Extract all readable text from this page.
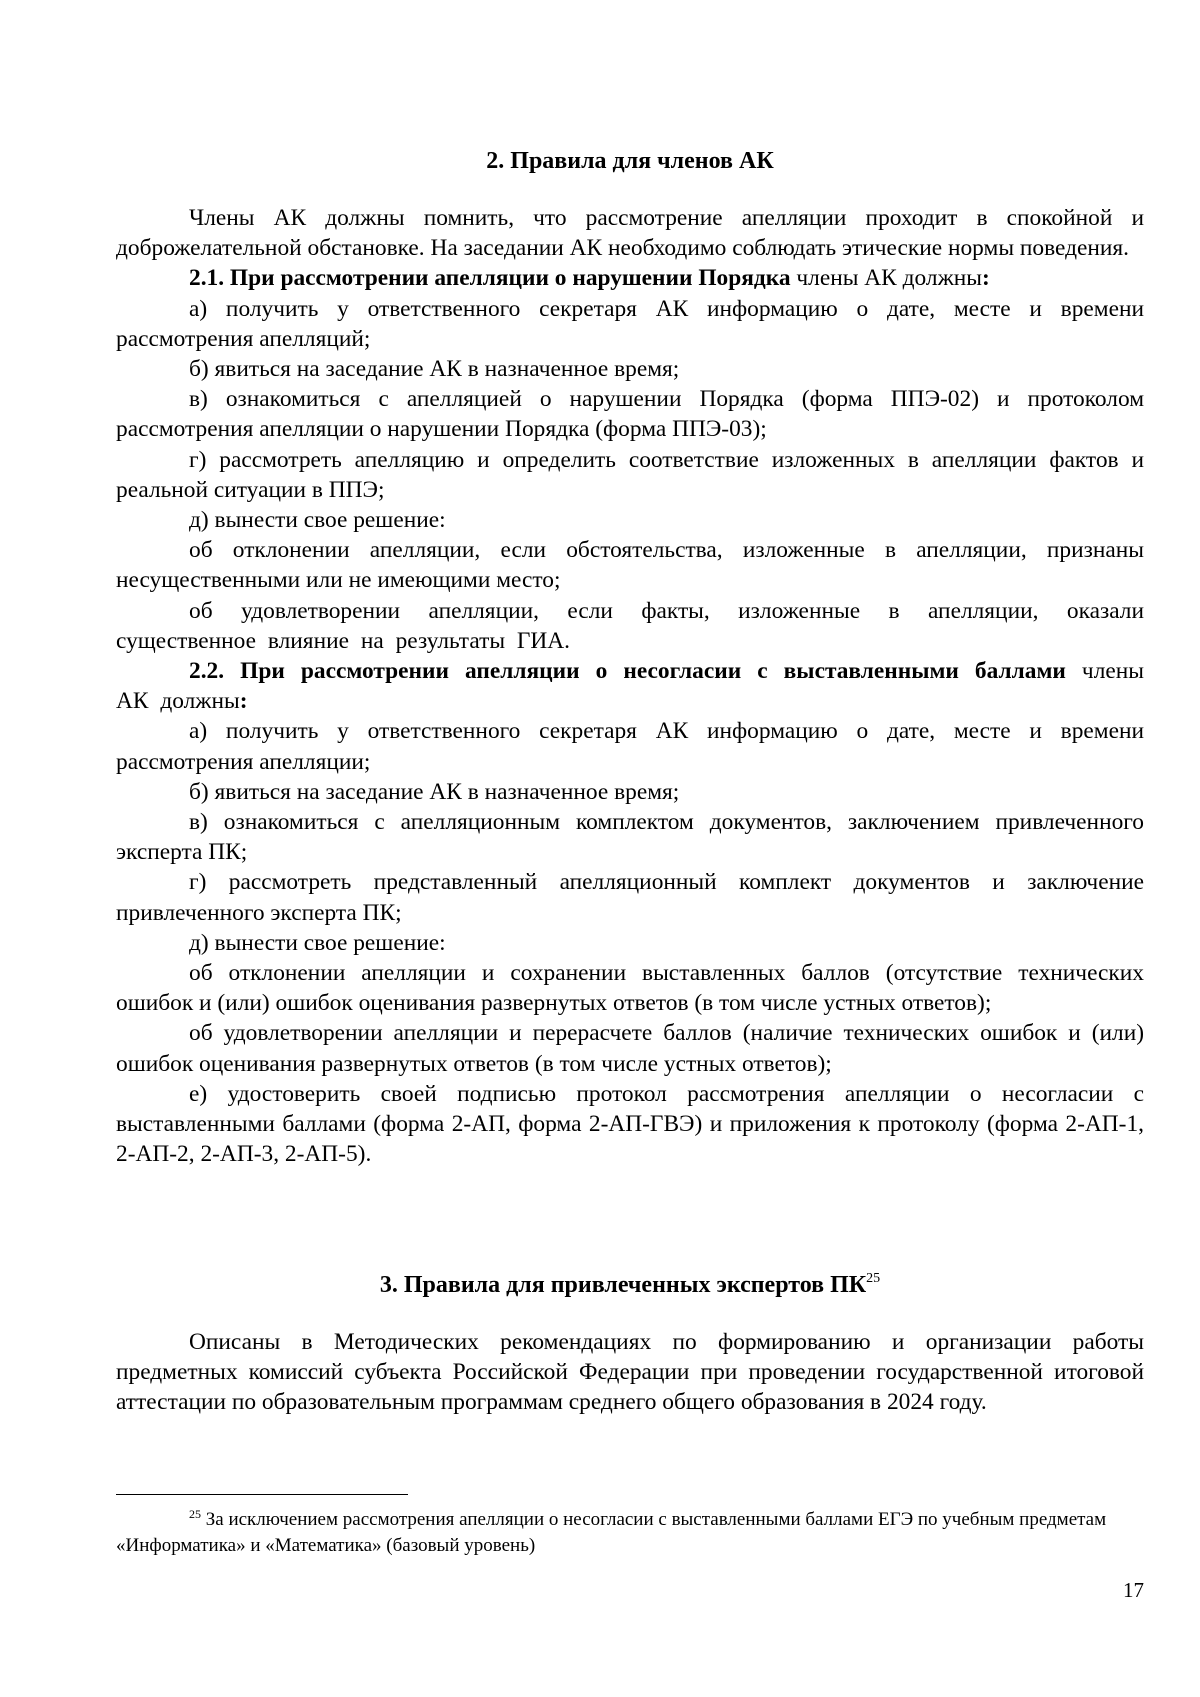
2. Правила для членов АК

Члены АК должны помнить, что рассмотрение апелляции проходит в спокойной и доброжелательной обстановке. На заседании АК необходимо соблюдать этические нормы поведения.

2.1. При рассмотрении апелляции о нарушении Порядка члены АК должны:

а) получить у ответственного секретаря АК информацию о дате, месте и времени рассмотрения апелляций;

б) явиться на заседание АК в назначенное время;

в) ознакомиться с апелляцией о нарушении Порядка (форма ППЭ-02) и протоколом рассмотрения апелляции о нарушении Порядка (форма ППЭ-03);

г) рассмотреть апелляцию и определить соответствие изложенных в апелляции фактов и реальной ситуации в ППЭ;

д) вынести свое решение:

об отклонении апелляции, если обстоятельства, изложенные в апелляции, признаны несущественными или не имеющими место;

об удовлетворении апелляции, если факты, изложенные в апелляции, оказали существенное влияние на результаты ГИА.

2.2. При рассмотрении апелляции о несогласии с выставленными баллами члены АК должны:

а) получить у ответственного секретаря АК информацию о дате, месте и времени рассмотрения апелляции;

б) явиться на заседание АК в назначенное время;

в) ознакомиться с апелляционным комплектом документов, заключением привлеченного эксперта ПК;

г) рассмотреть представленный апелляционный комплект документов и заключение привлеченного эксперта ПК;

д) вынести свое решение:

об отклонении апелляции и сохранении выставленных баллов (отсутствие технических ошибок и (или) ошибок оценивания развернутых ответов (в том числе устных ответов);

об удовлетворении апелляции и перерасчете баллов (наличие технических ошибок и (или) ошибок оценивания развернутых ответов (в том числе устных ответов);

е) удостоверить своей подписью протокол рассмотрения апелляции о несогласии с выставленными баллами (форма 2-АП, форма 2-АП-ГВЭ) и приложения к протоколу (форма 2-АП-1, 2-АП-2, 2-АП-3, 2-АП-5).

3. Правила для привлеченных экспертов ПК$^{25}$

Описаны в Методических рекомендациях по формированию и организации работы предметных комиссий субъекта Российской Федерации при проведении государственной итоговой аттестации по образовательным программам среднего общего образования в 2024 году.

$^{25}$ За исключением рассмотрения апелляции о несогласии с выставленными баллами ЕГЭ по учебным предметам «Информатика» и «Математика» (базовый уровень)

17
